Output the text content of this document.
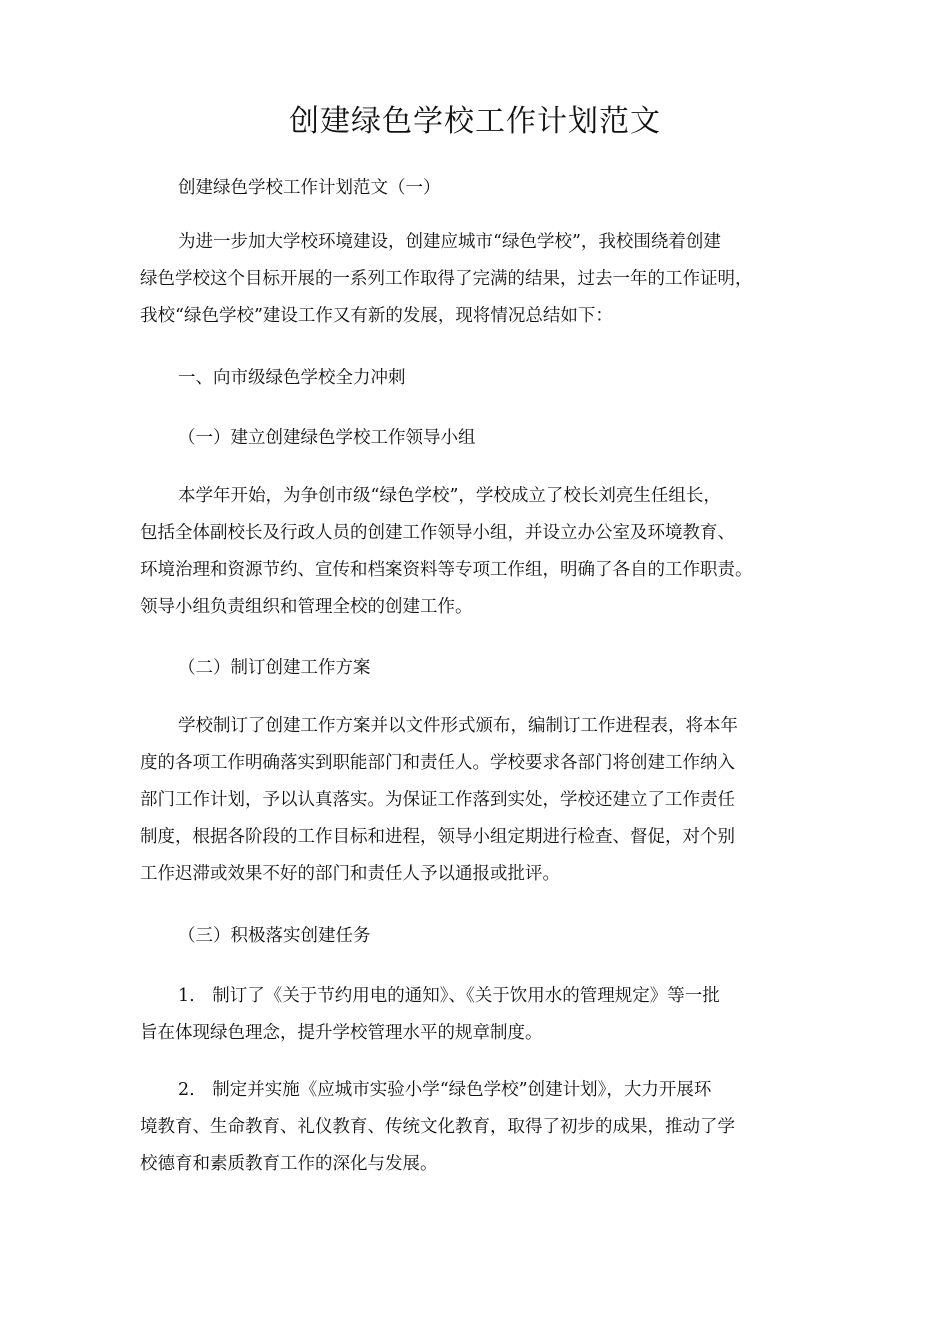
创建绿色学校工作计划范文

创建绿色学校工作计划范文（一）

为进一步加大学校环境建设，创建应城市“绿色学校”，我校围绕着创建
绿色学校这个目标开展的一系列工作取得了完满的结果，过去一年的工作证明，
我校“绿色学校”建设工作又有新的发展，现将情况总结如下：

一、向市级绿色学校全力冲刺

（一）建立创建绿色学校工作领导小组

本学年开始，为争创市级“绿色学校”，学校成立了校长刘亮生任组长，
包括全体副校长及行政人员的创建工作领导小组，并设立办公室及环境教育、
环境治理和资源节约、宣传和档案资料等专项工作组，明确了各自的工作职责。
领导小组负责组织和管理全校的创建工作。

（二）制订创建工作方案

学校制订了创建工作方案并以文件形式颁布，编制订工作进程表，将本年
度的各项工作明确落实到职能部门和责任人。学校要求各部门将创建工作纳入
部门工作计划，予以认真落实。为保证工作落到实处，学校还建立了工作责任
制度，根据各阶段的工作目标和进程，领导小组定期进行检查、督促，对个别
工作迟滞或效果不好的部门和责任人予以通报或批评。

（三）积极落实创建任务

1.　制订了《关于节约用电的通知》、《关于饮用水的管理规定》等一批
旨在体现绿色理念，提升学校管理水平的规章制度。

2.　制定并实施《应城市实验小学“绿色学校”创建计划》，大力开展环
境教育、生命教育、礼仪教育、传统文化教育，取得了初步的成果，推动了学
校德育和素质教育工作的深化与发展。
